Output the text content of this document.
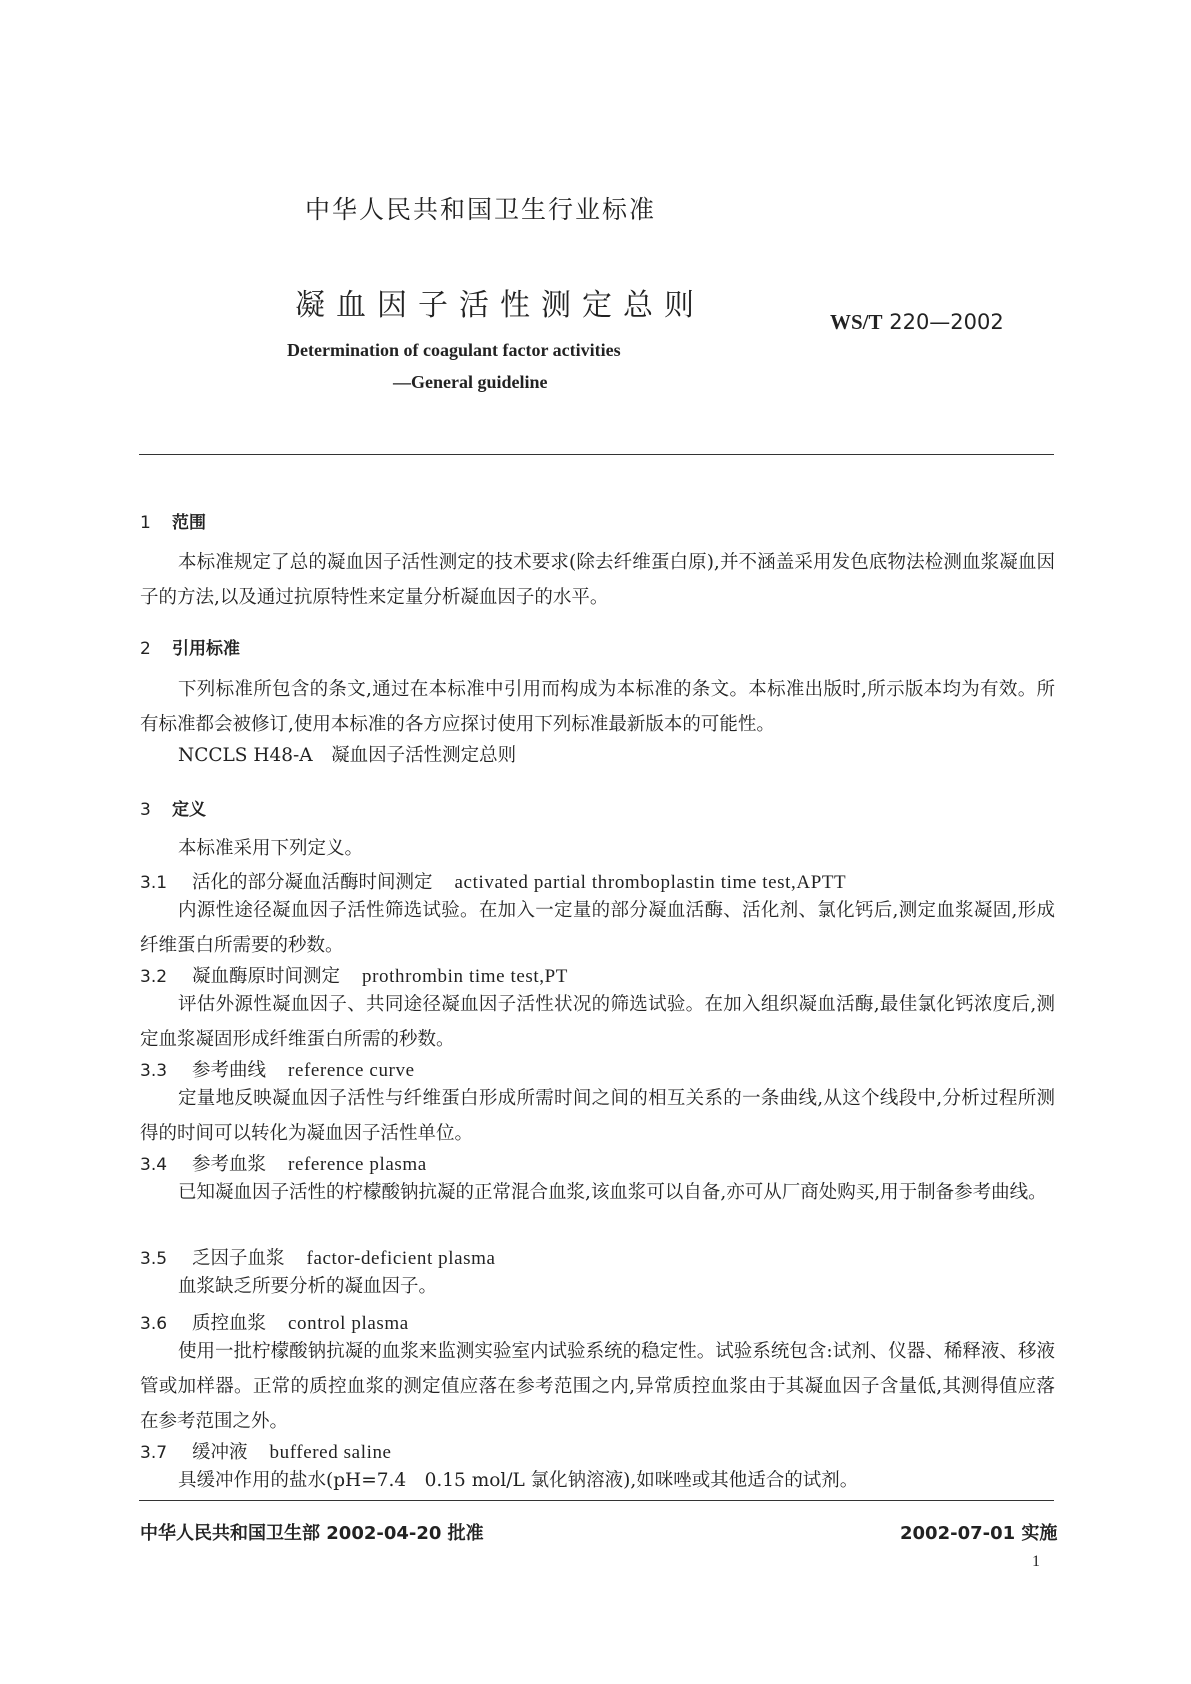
中华人民共和国卫生行业标准
凝血因子活性测定总则	WS/T 220—2002
Determination of coagulant factor activities
—General guideline
1 范围
本标准规定了总的凝血因子活性测定的技术要求(除去纤维蛋白原),并不涵盖采用发色底物法检测血浆凝血因子的方法,以及通过抗原特性来定量分析凝血因子的水平。
2 引用标准
下列标准所包含的条文,通过在本标准中引用而构成为本标准的条文。本标准出版时,所示版本均为有效。所有标准都会被修订,使用本标准的各方应探讨使用下列标准最新版本的可能性。
NCCLS H48-A　凝血因子活性测定总则
3 定义
本标准采用下列定义。
3.1 活化的部分凝血活酶时间测定 activated partial thromboplastin time test,APTT
内源性途径凝血因子活性筛选试验。在加入一定量的部分凝血活酶、活化剂、氯化钙后,测定血浆凝固,形成纤维蛋白所需要的秒数。
3.2 凝血酶原时间测定 prothrombin time test,PT
评估外源性凝血因子、共同途径凝血因子活性状况的筛选试验。在加入组织凝血活酶,最佳氯化钙浓度后,测定血浆凝固形成纤维蛋白所需的秒数。
3.3 参考曲线 reference curve
定量地反映凝血因子活性与纤维蛋白形成所需时间之间的相互关系的一条曲线,从这个线段中,分析过程所测得的时间可以转化为凝血因子活性单位。
3.4 参考血浆 reference plasma
已知凝血因子活性的柠檬酸钠抗凝的正常混合血浆,该血浆可以自备,亦可从厂商处购买,用于制备参考曲线。
3.5 乏因子血浆 factor-deficient plasma
血浆缺乏所要分析的凝血因子。
3.6 质控血浆 control plasma
使用一批柠檬酸钠抗凝的血浆来监测实验室内试验系统的稳定性。试验系统包含:试剂、仪器、稀释液、移液管或加样器。正常的质控血浆的测定值应落在参考范围之内,异常质控血浆由于其凝血因子含量低,其测得值应落在参考范围之外。
3.7 缓冲液 buffered saline
具缓冲作用的盐水(pH=7.4　0.15 mol/L 氯化钠溶液),如咪唑或其他适合的试剂。
中华人民共和国卫生部 2002-04-20 批准	2002-07-01 实施
1
